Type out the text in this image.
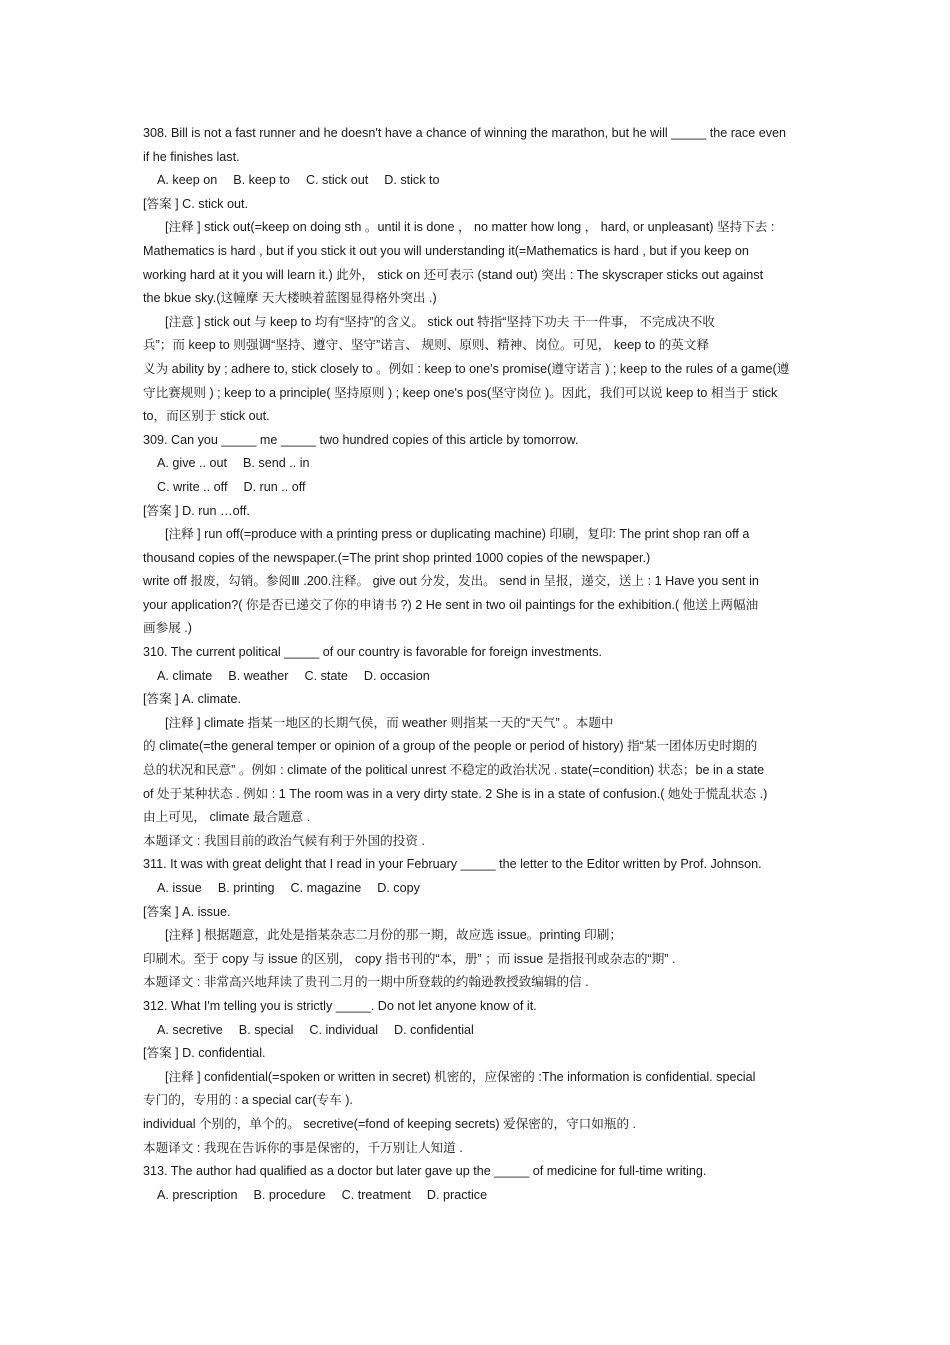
308. Bill is not a fast runner and he doesn't have a chance of winning the marathon, but he will _____ the race even
if he finishes last.
A. keep on B. keep to C. stick out D. stick to
[答案 ] C. stick out.
[注释 ] stick out(=keep on doing sth 。until it is done ， no matter how long ， hard, or unpleasant) 坚持下去 :
Mathematics is hard , but if you stick it out you will understanding it(=Mathematics is hard , but if you keep on
working hard at it you will learn it.) 此外， stick on 还可表示 (stand out) 突出 : The skyscraper sticks out against
the bkue sky.(这幢摩 天大楼映着蓝图显得格外突出 .)
[注意 ] stick out 与 keep to 均有“坚持”的含义。 stick out 特指“坚持下功夫 干一件事， 不完成决不收
兵”；而 keep to 则强调“坚持、遵守、坚守”诺言、 规则、原则、精神、岗位。可见， keep to 的英文释
义为 ability by ; adhere to, stick closely to 。例如 : keep to one's promise(遵守诺言 ) ; keep to the rules of a game(遵
守比赛规则 ) ; keep to a principle( 坚持原则 ) ; keep one's pos(坚守岗位 )。因此，我们可以说 keep to 相当于 stick
to，而区别于 stick out.
309. Can you _____ me _____ two hundred copies of this article by tomorrow.
A. give .. out B. send .. in
C. write .. off D. run .. off
[答案 ] D. run …off.
[注释 ] run off(=produce with a printing press or duplicating machine) 印刷，复印: The print shop ran off a
thousand copies of the newspaper.(=The print shop printed 1000 copies of the newspaper.)
write off 报废，勾销。参阅Ⅲ .200.注释。 give out 分发，发出。 send in 呈报，递交，送上 : 1 Have you sent in
your application?( 你是否已递交了你的申请书 ?) 2 He sent in two oil paintings for the exhibition.( 他送上两幅油
画参展 .)
310. The current political _____ of our country is favorable for foreign investments.
A. climate B. weather C. state D. occasion
[答案 ] A. climate.
[注释 ] climate 指某一地区的长期气侯，而 weather 则指某一天的“天气” 。本题中
的 climate(=the general temper or opinion of a group of the people or period of history) 指“某一团体历史时期的
总的状况和民意” 。例如 : climate of the political unrest 不稳定的政治状况 . state(=condition) 状态；be in a state
of 处于某种状态 . 例如 : 1 The room was in a very dirty state. 2 She is in a state of confusion.( 她处于慌乱状态 .)
由上可见， climate 最合题意 .
本题译文 : 我国目前的政治气候有利于外国的投资 .
311. It was with great delight that I read in your February _____ the letter to the Editor written by Prof. Johnson.
A. issue B. printing C. magazine D. copy
[答案 ] A. issue.
[注释 ] 根据题意，此处是指某杂志二月份的那一期，故应选 issue。printing 印刷；
印刷术。至于 copy 与 issue 的区别， copy 指书刊的“本，册” ；而 issue 是指报刊或杂志的“期” .
本题译文 : 非常高兴地拜读了贵刊二月的一期中所登载的约翰逊教授致编辑的信 .
312. What I'm telling you is strictly _____. Do not let anyone know of it.
A. secretive B. special C. individual D. confidential
[答案 ] D. confidential.
[注释 ] confidential(=spoken or written in secret) 机密的，应保密的 :The information is confidential. special
专门的，专用的 : a special car(专车 ).
individual 个别的，单个的。 secretive(=fond of keeping secrets) 爱保密的，守口如瓶的 .
本题译文 : 我现在告诉你的事是保密的，千万别让人知道 .
313. The author had qualified as a doctor but later gave up the _____ of medicine for full-time writing.
A. prescription B. procedure C. treatment D. practice
